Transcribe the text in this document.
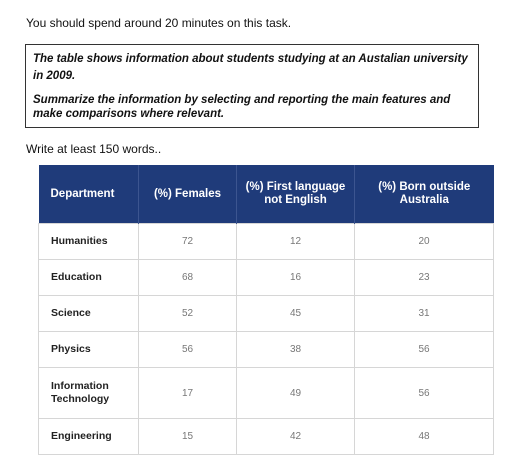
You should spend around 20 minutes on this task.

The table shows information about students studying at an Austalian university in 2009.

Summarize the information by selecting and reporting the main features and make comparisons where relevant.

Write at least 150 words..
Department	(%) Females	(%) First language not English	(%) Born outside Australia
Humanities	72	12	20
Education	68	16	23
Science	52	45	31
Physics	56	38	56
Information Technology	17	49	56
Engineering	15	42	48
